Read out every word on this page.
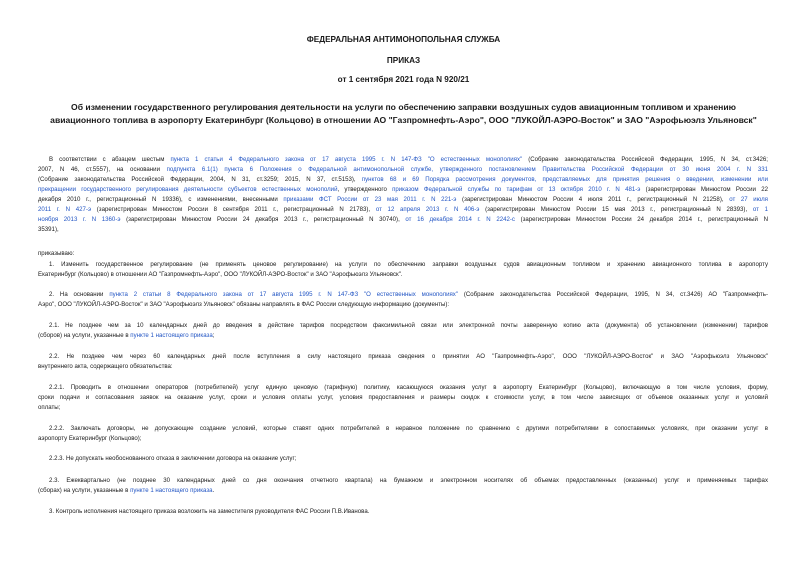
ФЕДЕРАЛЬНАЯ АНТИМОНОПОЛЬНАЯ СЛУЖБА
ПРИКАЗ
от 1 сентября 2021 года N 920/21
Об изменении государственного регулирования деятельности на услуги по обеспечению заправки воздушных судов авиационным топливом и хранению
авиационного топлива в аэропорту Екатеринбург (Кольцово) в отношении АО "Газпромнефть-Аэро", ООО "ЛУКОЙЛ-АЭРО-Восток" и ЗАО "Аэрофьюэлз Ульяновск"
В соответствии с абзацем шестым пункта 1 статьи 4 Федерального закона от 17 августа 1995 г. N 147-ФЗ "О естественных монополиях" (Собрание законодательства Российской Федерации, 1995, N 34, ст.3426;
2007, N 46, ст.5557), на основании подпункта 6.1(1) пункта 6 Положения о Федеральной антимонопольной службе, утвержденного постановлением Правительства Российской Федерации от 30 июня 2004 г. N 331
(Собрание законодательства Российской Федерации, 2004, N 31, ст.3259; 2015, N 37, ст.5153), пунктов 68 и 69 Порядка рассмотрения документов, представляемых для принятия решения о введении, изменении или
прекращении государственного регулирования деятельности субъектов естественных монополий, утвержденного приказом Федеральной службы по тарифам от 13 октября 2010 г. N 481-э (зарегистрирован Минюстом России 22
декабря 2010 г., регистрационный N 19336), с изменениями, внесенными приказами ФСТ России от 23 мая 2011 г. N 221-э (зарегистрирован Минюстом России 4 июля 2011 г., регистрационный N 21258), от 27 июля
2011 г. N 427-э (зарегистрирован Минюстом России 8 сентября 2011 г., регистрационный N 21783), от 12 апреля 2013 г. N 406-э (зарегистрирован Минюстом России 15 мая 2013 г., регистрационный N 28393), от 1
ноября 2013 г. N 1360-э (зарегистрирован Минюстом России 24 декабря 2013 г., регистрационный N 30740), от 16 декабря 2014 г. N 2242-с (зарегистрирован Минюстом России 24 декабря 2014 г., регистрационный N
35391),
приказываю:
1. Изменить государственное регулирование (не применять ценовое регулирование) на услуги по обеспечению заправки воздушных судов авиационным топливом и хранению авиационного топлива в аэропорту
Екатеринбург (Кольцово) в отношении АО "Газпромнефть-Аэро", ООО "ЛУКОЙЛ-АЭРО-Восток" и ЗАО "Аэрофьюэлз Ульяновск".
2. На основании пункта 2 статьи 8 Федерального закона от 17 августа 1995 г. N 147-ФЗ "О естественных монополиях" (Собрание законодательства Российской Федерации, 1995, N 34, ст.3426) АО "Газпромнефть-
Аэро", ООО "ЛУКОЙЛ-АЭРО-Восток" и ЗАО "Аэрофьюэлз Ульяновск" обязаны направлять в ФАС России следующую информацию (документы):
2.1. Не позднее чем за 10 календарных дней до введения в действие тарифов посредством факсимильной связи или электронной почты заверенную копию акта (документа) об установлении (изменении) тарифов
(сборов) на услуги, указанные в пункте 1 настоящего приказа;
2.2. Не позднее чем через 60 календарных дней после вступления в силу настоящего приказа сведения о принятии АО "Газпромнефть-Аэро", ООО "ЛУКОЙЛ-АЭРО-Восток" и ЗАО "Аэрофьюэлз Ульяновск"
внутреннего акта, содержащего обязательства:
2.2.1. Проводить в отношении операторов (потребителей) услуг единую ценовую (тарифную) политику, касающуюся оказания услуг в аэропорту Екатеринбург (Кольцово), включающую в том числе условия, форму,
сроки подачи и согласования заявок на оказание услуг, сроки и условия оплаты услуг, условия предоставления и размеры скидок к стоимости услуг, в том числе зависящих от объемов оказанных услуг и условий
оплаты;
2.2.2. Заключать договоры, не допускающие создание условий, которые ставят одних потребителей в неравное положение по сравнению с другими потребителями в сопоставимых условиях, при оказании услуг в
аэропорту Екатеринбург (Кольцово);
2.2.3. Не допускать необоснованного отказа в заключении договора на оказание услуг;
2.3. Ежеквартально (не позднее 30 календарных дней со дня окончания отчетного квартала) на бумажном и электронном носителях об объемах предоставленных (оказанных) услуг и применяемых тарифах
(сборах) на услуги, указанные в пункте 1 настоящего приказа.
3. Контроль исполнения настоящего приказа возложить на заместителя руководителя ФАС России П.В.Иванова.
